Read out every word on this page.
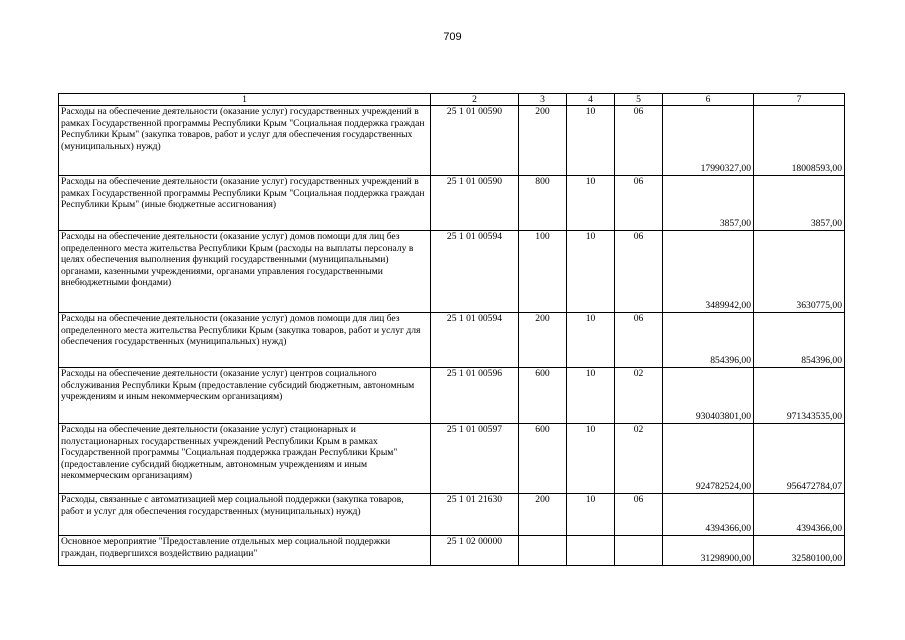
709
1	2	3	4	5	6	7
Расходы на обеспечение деятельности (оказание услуг) государственных учреждений в рамках Государственной программы Республики Крым "Социальная поддержка граждан Республики Крым" (закупка товаров, работ и услуг для обеспечения государственных (муниципальных) нужд)	25 1 01 00590	200	10	06	17990327,00	18008593,00
Расходы на обеспечение деятельности (оказание услуг) государственных учреждений в рамках Государственной программы Республики Крым "Социальная поддержка граждан Республики Крым" (иные бюджетные ассигнования)	25 1 01 00590	800	10	06	3857,00	3857,00
Расходы на обеспечение деятельности (оказание услуг) домов помощи для лиц без определенного места жительства Республики Крым (расходы на выплаты персоналу в целях обеспечения выполнения функций государственными (муниципальными) органами, казенными учреждениями, органами управления государственными внебюджетными фондами)	25 1 01 00594	100	10	06	3489942,00	3630775,00
Расходы на обеспечение деятельности (оказание услуг) домов помощи для лиц без определенного места жительства Республики Крым (закупка товаров, работ и услуг для обеспечения государственных (муниципальных) нужд)	25 1 01 00594	200	10	06	854396,00	854396,00
Расходы на обеспечение деятельности (оказание услуг) центров социального обслуживания Республики Крым (предоставление субсидий бюджетным, автономным учреждениям и иным некоммерческим организациям)	25 1 01 00596	600	10	02	930403801,00	971343535,00
Расходы на обеспечение деятельности (оказание услуг) стационарных и полустационарных государственных учреждений Республики Крым в рамках Государственной программы "Социальная поддержка граждан Республики Крым" (предоставление субсидий бюджетным, автономным учреждениям и иным некоммерческим организациям)	25 1 01 00597	600	10	02	924782524,00	956472784,07
Расходы, связанные с автоматизацией мер социальной поддержки (закупка товаров, работ и услуг для обеспечения государственных (муниципальных) нужд)	25 1 01 21630	200	10	06	4394366,00	4394366,00
Основное мероприятие "Предоставление отдельных мер социальной поддержки граждан, подвергшихся воздействию радиации"	25 1 02 00000				31298900,00	32580100,00
